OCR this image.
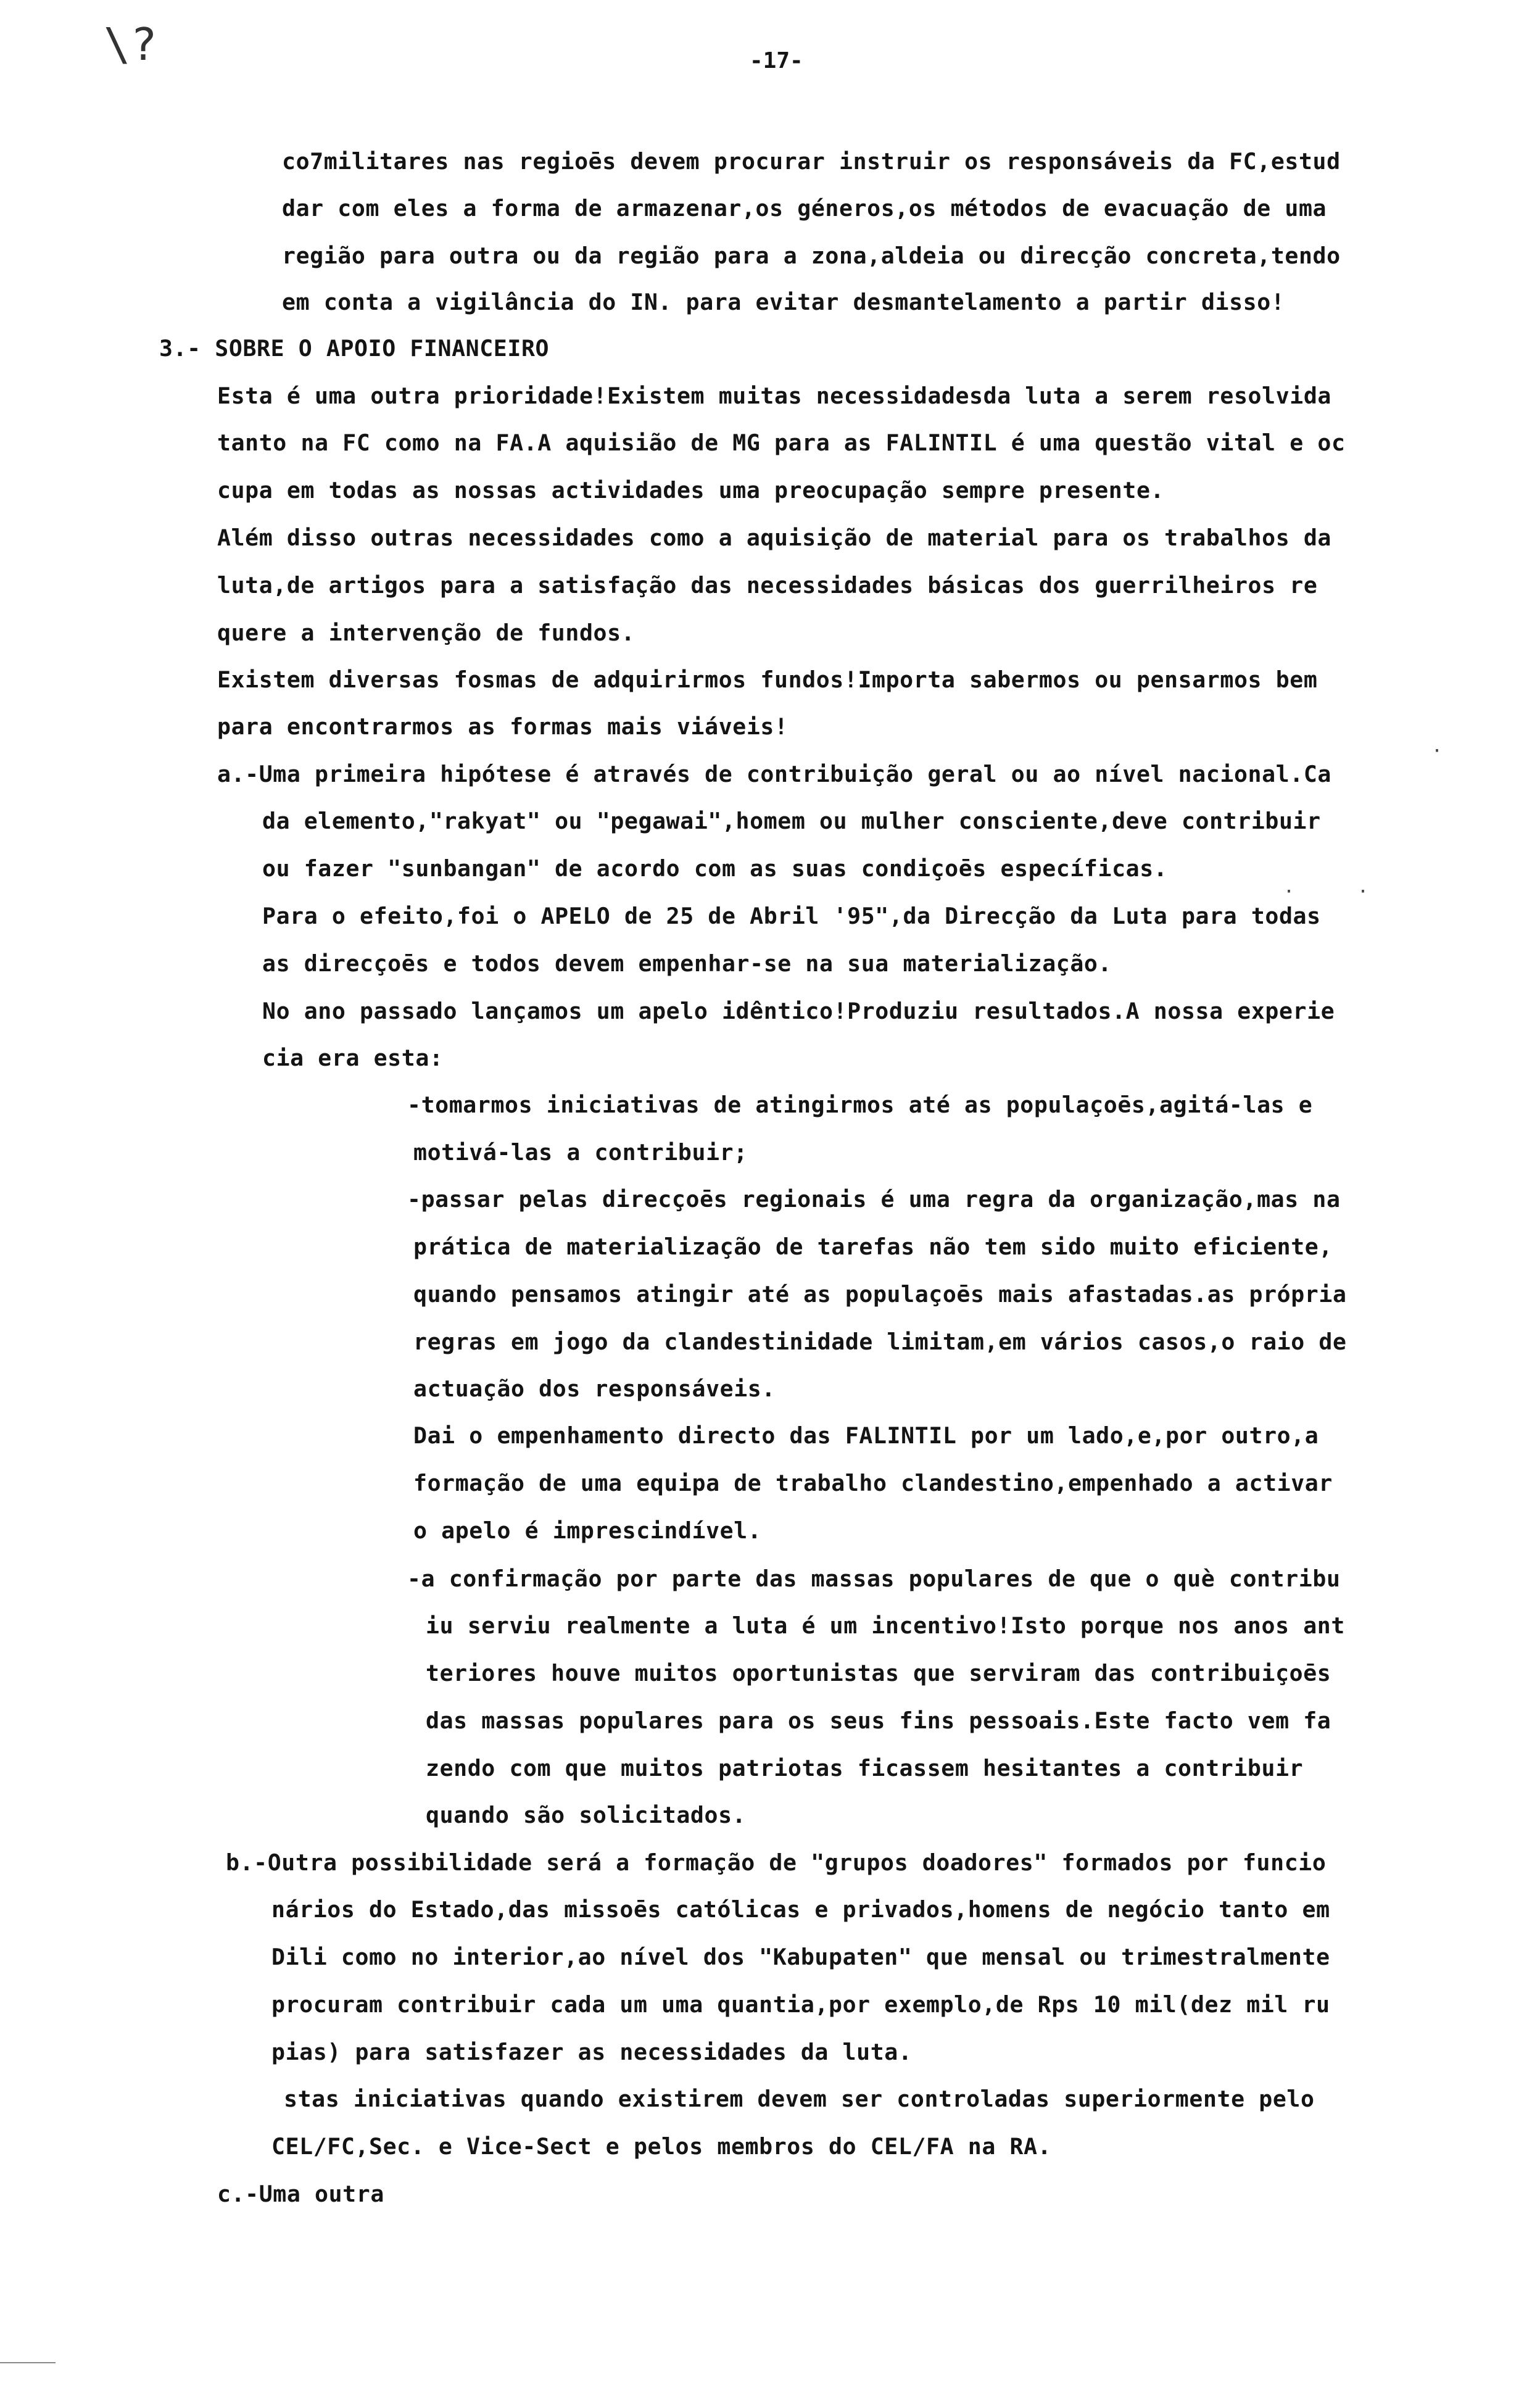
\?	-17-
co7militares nas regioēs devem procurar instruir os responsáveis da FC,estud
dar com eles a forma de armazenar,os géneros,os métodos de evacuação de uma
região para outra ou da região para a zona,aldeia ou direcção concreta,tendo
em conta a vigilância do IN. para evitar desmantelamento a partir disso!
3.- SOBRE O APOIO FINANCEIRO
Esta é uma outra prioridade!Existem muitas necessidadesda luta a serem resolvida
tanto na FC como na FA.A aquisião de MG para as FALINTIL é uma questão vital e oc
cupa em todas as nossas actividades uma preocupação sempre presente.
Além disso outras necessidades como a aquisição de material para os trabalhos da
luta,de artigos para a satisfação das necessidades básicas dos guerrilheiros re
quere a intervenção de fundos.
Existem diversas fosmas de adquirirmos fundos!Importa sabermos ou pensarmos bem
para encontrarmos as formas mais viáveis!
a.-Uma primeira hipótese é através de contribuição geral ou ao nível nacional.Ca
da elemento,"rakyat" ou "pegawai",homem ou mulher consciente,deve contribuir
ou fazer "sunbangan" de acordo com as suas condiçoēs específicas.
Para o efeito,foi o APELO de 25 de Abril '95",da Direcção da Luta para todas
as direcçoēs e todos devem empenhar-se na sua materialização.
No ano passado lançamos um apelo idêntico!Produziu resultados.A nossa experie
cia era esta:
-tomarmos iniciativas de atingirmos até as populaçoēs,agitá-las e
motivá-las a contribuir;
-passar pelas direcçoēs regionais é uma regra da organização,mas na
prática de materialização de tarefas não tem sido muito eficiente,
quando pensamos atingir até as populaçoēs mais afastadas.as própria
regras em jogo da clandestinidade limitam,em vários casos,o raio de
actuação dos responsáveis.
Dai o empenhamento directo das FALINTIL por um lado,e,por outro,a
formação de uma equipa de trabalho clandestino,empenhado a activar
o apelo é imprescindível.
-a confirmação por parte das massas populares de que o què contribu
iu serviu realmente a luta é um incentivo!Isto porque nos anos ant
teriores houve muitos oportunistas que serviram das contribuiçoēs
das massas populares para os seus fins pessoais.Este facto vem fa
zendo com que muitos patriotas ficassem hesitantes a contribuir
quando são solicitados.
b.-Outra possibilidade será a formação de "grupos doadores" formados por funcio
nários do Estado,das missoēs católicas e privados,homens de negócio tanto em
Dili como no interior,ao nível dos "Kabupaten" que mensal ou trimestralmente
procuram contribuir cada um uma quantia,por exemplo,de Rps 10 mil(dez mil ru
pias) para satisfazer as necessidades da luta.
stas iniciativas quando existirem devem ser controladas superiormente pelo
CEL/FC,Sec. e Vice-Sect e pelos membros do CEL/FA na RA.
c.-Uma outra
·
·	·
